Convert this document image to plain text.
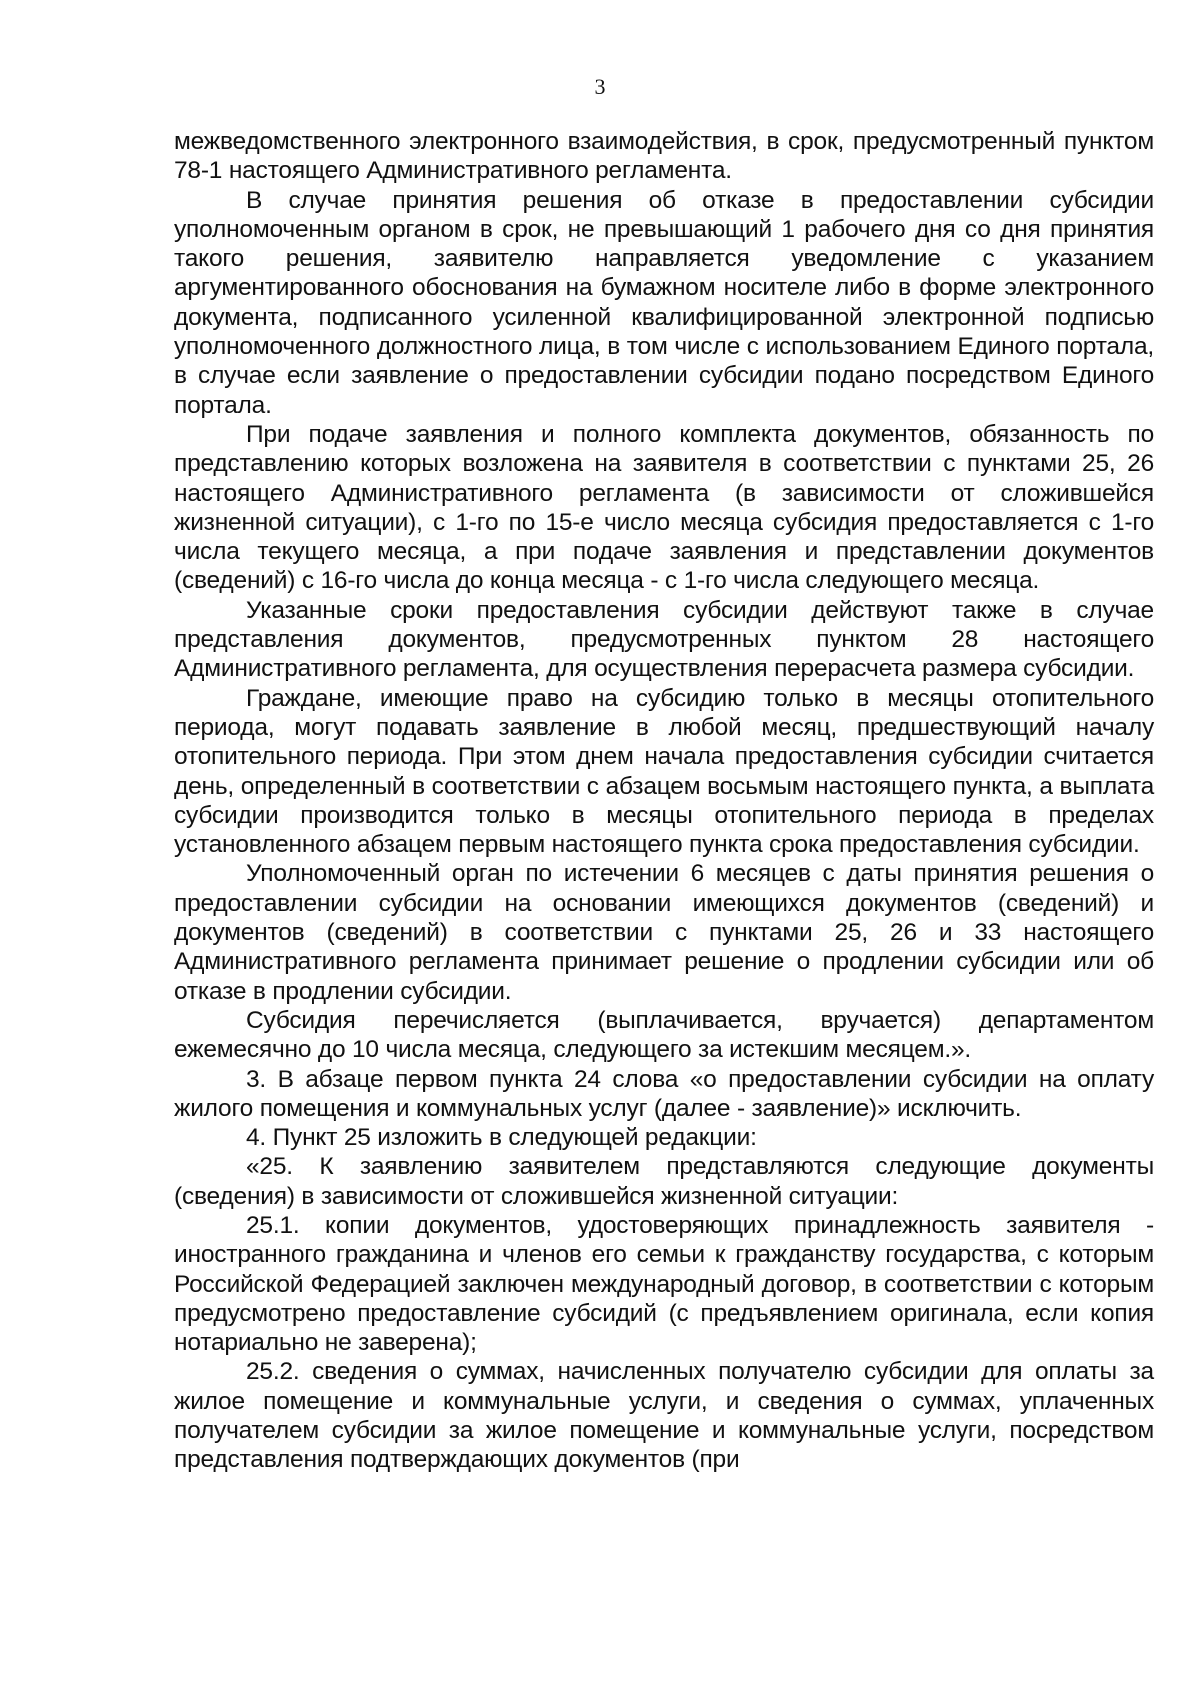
3

межведомственного электронного взаимодействия, в срок, предусмотренный пунктом 78-1 настоящего Административного регламента.

В случае принятия решения об отказе в предоставлении субсидии уполномоченным органом в срок, не превышающий 1 рабочего дня со дня принятия такого решения, заявителю направляется уведомление с указанием аргументированного обоснования на бумажном носителе либо в форме электронного документа, подписанного усиленной квалифицированной электронной подписью уполномоченного должностного лица, в том числе с использованием Единого портала, в случае если заявление о предоставлении субсидии подано посредством Единого портала.

При подаче заявления и полного комплекта документов, обязанность по представлению которых возложена на заявителя в соответствии с пунктами 25, 26 настоящего Административного регламента (в зависимости от сложившейся жизненной ситуации), с 1-го по 15-е число месяца субсидия предоставляется с 1-го числа текущего месяца, а при подаче заявления и представлении документов (сведений) с 16-го числа до конца месяца - с 1-го числа следующего месяца.

Указанные сроки предоставления субсидии действуют также в случае представления документов, предусмотренных пунктом 28 настоящего Административного регламента, для осуществления перерасчета размера субсидии.

Граждане, имеющие право на субсидию только в месяцы отопительного периода, могут подавать заявление в любой месяц, предшествующий началу отопительного периода. При этом днем начала предоставления субсидии считается день, определенный в соответствии с абзацем восьмым настоящего пункта, а выплата субсидии производится только в месяцы отопительного периода в пределах установленного абзацем первым настоящего пункта срока предоставления субсидии.

Уполномоченный орган по истечении 6 месяцев с даты принятия решения о предоставлении субсидии на основании имеющихся документов (сведений) и документов (сведений) в соответствии с пунктами 25, 26 и 33 настоящего Административного регламента принимает решение о продлении субсидии или об отказе в продлении субсидии.

Субсидия перечисляется (выплачивается, вручается) департаментом ежемесячно до 10 числа месяца, следующего за истекшим месяцем.».

3. В абзаце первом пункта 24 слова «о предоставлении субсидии на оплату жилого помещения и коммунальных услуг (далее - заявление)» исключить.

4. Пункт 25 изложить в следующей редакции:

«25. К заявлению заявителем представляются следующие документы (сведения) в зависимости от сложившейся жизненной ситуации:

25.1. копии документов, удостоверяющих принадлежность заявителя - иностранного гражданина и членов его семьи к гражданству государства, с которым Российской Федерацией заключен международный договор, в соответствии с которым предусмотрено предоставление субсидий (с предъявлением оригинала, если копия нотариально не заверена);

25.2. сведения о суммах, начисленных получателю субсидии для оплаты за жилое помещение и коммунальные услуги, и сведения о суммах, уплаченных получателем субсидии за жилое помещение и коммунальные услуги, посредством представления подтверждающих документов (при
